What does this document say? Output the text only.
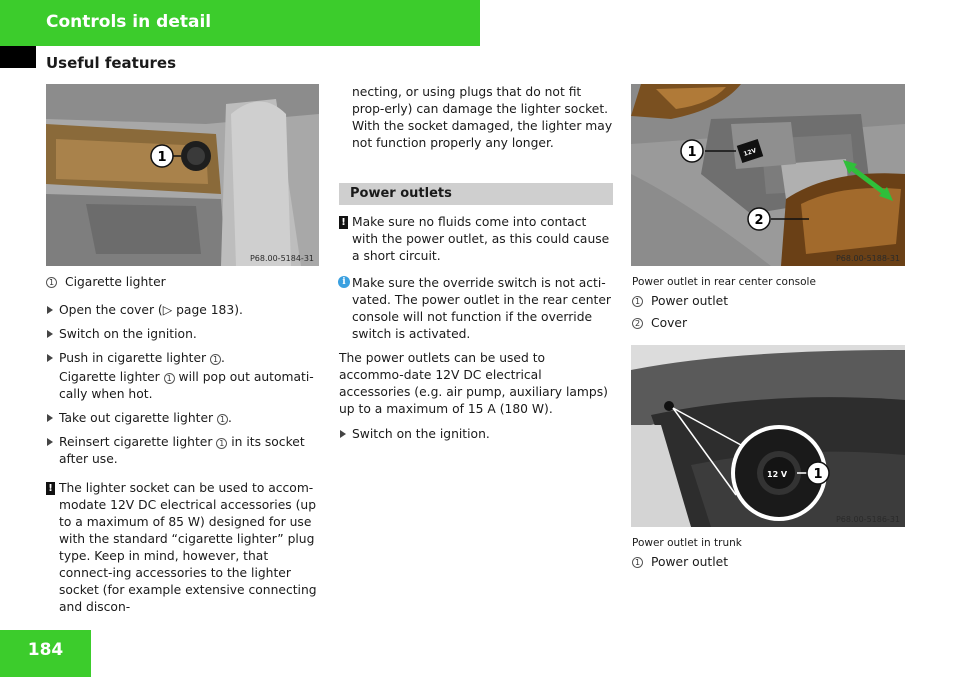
Controls in detail
Useful features
1
P68.00-5184-31
1 Cigarette lighter
Open the cover (▷ page 183).
Switch on the ignition.
Push in cigarette lighter 1 .
Cigarette lighter 1 will pop out automati-cally when hot.
Take out cigarette lighter 1 .
Reinsert cigarette lighter 1 in its socket after use.
! The lighter socket can be used to accom-modate 12V DC electrical accessories (up to a maximum of 85 W) designed for use with the standard “cigarette lighter” plug type. Keep in mind, however, that connect-ing accessories to the lighter socket (for example extensive connecting and discon-

necting, or using plugs that do not fit prop-erly) can damage the lighter socket. With the socket damaged, the lighter may not function properly any longer.

Power outlets
! Make sure no fluids come into contact with the power outlet, as this could cause a short circuit.
i Make sure the override switch is not acti-vated. The power outlet in the rear center console will not function if the override switch is activated.

The power outlets can be used to accommo-date 12V DC electrical accessories (e.g. air pump, auxiliary lamps) up to a maximum of 15 A (180 W).

Switch on the ignition.
12V
1
2
P68.00-5188-31
Power outlet in rear center console
1 Power outlet
2 Cover
12 V 1
P68.00-5186-31
Power outlet in trunk
1 Power outlet
184
